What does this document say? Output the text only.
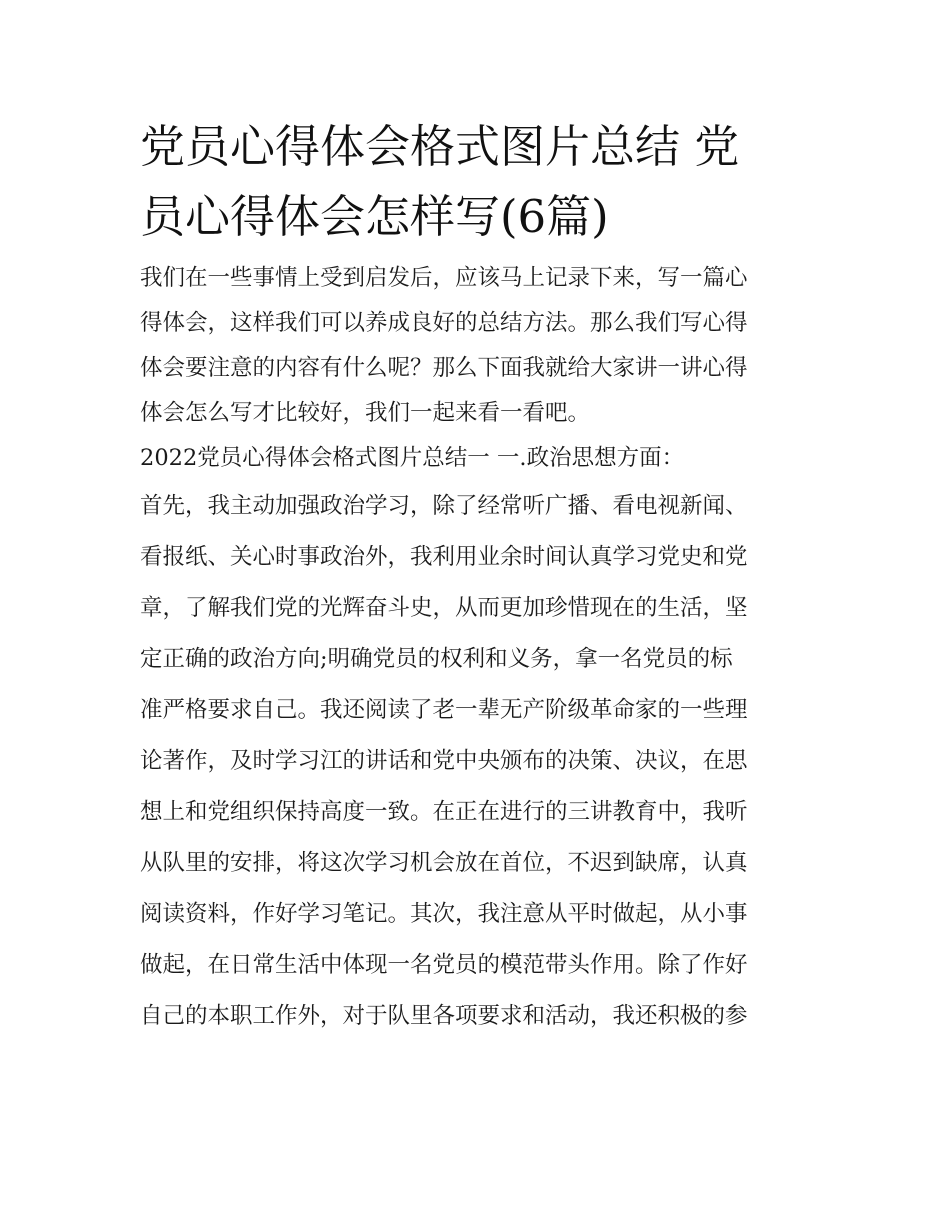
党员心得体会格式图片总结 党
员心得体会怎样写(6篇)

我们在一些事情上受到启发后，应该马上记录下来，写一篇心
得体会，这样我们可以养成良好的总结方法。那么我们写心得
体会要注意的内容有什么呢？那么下面我就给大家讲一讲心得
体会怎么写才比较好，我们一起来看一看吧。

2022党员心得体会格式图片总结一 一.政治思想方面：

首先，我主动加强政治学习，除了经常听广播、看电视新闻、
看报纸、关心时事政治外，我利用业余时间认真学习党史和党
章，了解我们党的光辉奋斗史，从而更加珍惜现在的生活，坚
定正确的政治方向;明确党员的权利和义务，拿一名党员的标
准严格要求自己。我还阅读了老一辈无产阶级革命家的一些理
论著作，及时学习江的讲话和党中央颁布的决策、决议，在思
想上和党组织保持高度一致。在正在进行的三讲教育中，我听
从队里的安排，将这次学习机会放在首位，不迟到缺席，认真
阅读资料，作好学习笔记。其次，我注意从平时做起，从小事
做起，在日常生活中体现一名党员的模范带头作用。除了作好
自己的本职工作外，对于队里各项要求和活动，我还积极的参
